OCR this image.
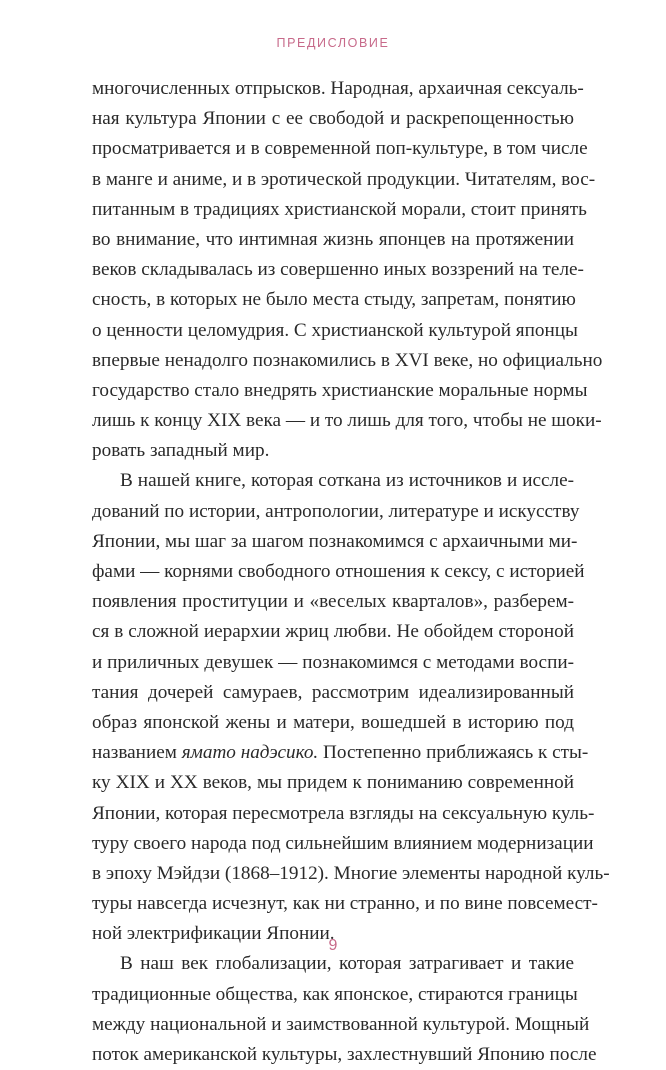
ПРЕДИСЛОВИЕ
многочисленных отпрысков. Народная, архаичная сексуаль-
ная культура Японии с ее свободой и раскрепощенностью
просматривается и в современной поп-культуре, в том числе
в манге и аниме, и в эротической продукции. Читателям, вос-
питанным в традициях христианской морали, стоит принять
во внимание, что интимная жизнь японцев на протяжении
веков складывалась из совершенно иных воззрений на теле-
сность, в которых не было места стыду, запретам, понятию
о ценности целомудрия. С христианской культурой японцы
впервые ненадолго познакомились в XVI веке, но официально
государство стало внедрять христианские моральные нормы
лишь к концу XIX века — и то лишь для того, чтобы не шоки-
ровать западный мир.
В нашей книге, которая соткана из источников и иссле-
дований по истории, антропологии, литературе и искусству
Японии, мы шаг за шагом познакомимся с архаичными ми-
фами — корнями свободного отношения к сексу, с историей
появления проституции и «веселых кварталов», разберем-
ся в сложной иерархии жриц любви. Не обойдем стороной
и приличных девушек — познакомимся с методами воспи-
тания дочерей самураев, рассмотрим идеализированный
образ японской жены и матери, вошедшей в историю под
названием ямато надэсико. Постепенно приближаясь к сты-
ку XIX и XX веков, мы придем к пониманию современной
Японии, которая пересмотрела взгляды на сексуальную куль-
туру своего народа под сильнейшим влиянием модернизации
в эпоху Мэйдзи (1868–1912). Многие элементы народной куль-
туры навсегда исчезнут, как ни странно, и по вине повсемест-
ной электрификации Японии.
В наш век глобализации, которая затрагивает и такие
традиционные общества, как японское, стираются границы
между национальной и заимствованной культурой. Мощный
поток американской культуры, захлестнувший Японию после
9
